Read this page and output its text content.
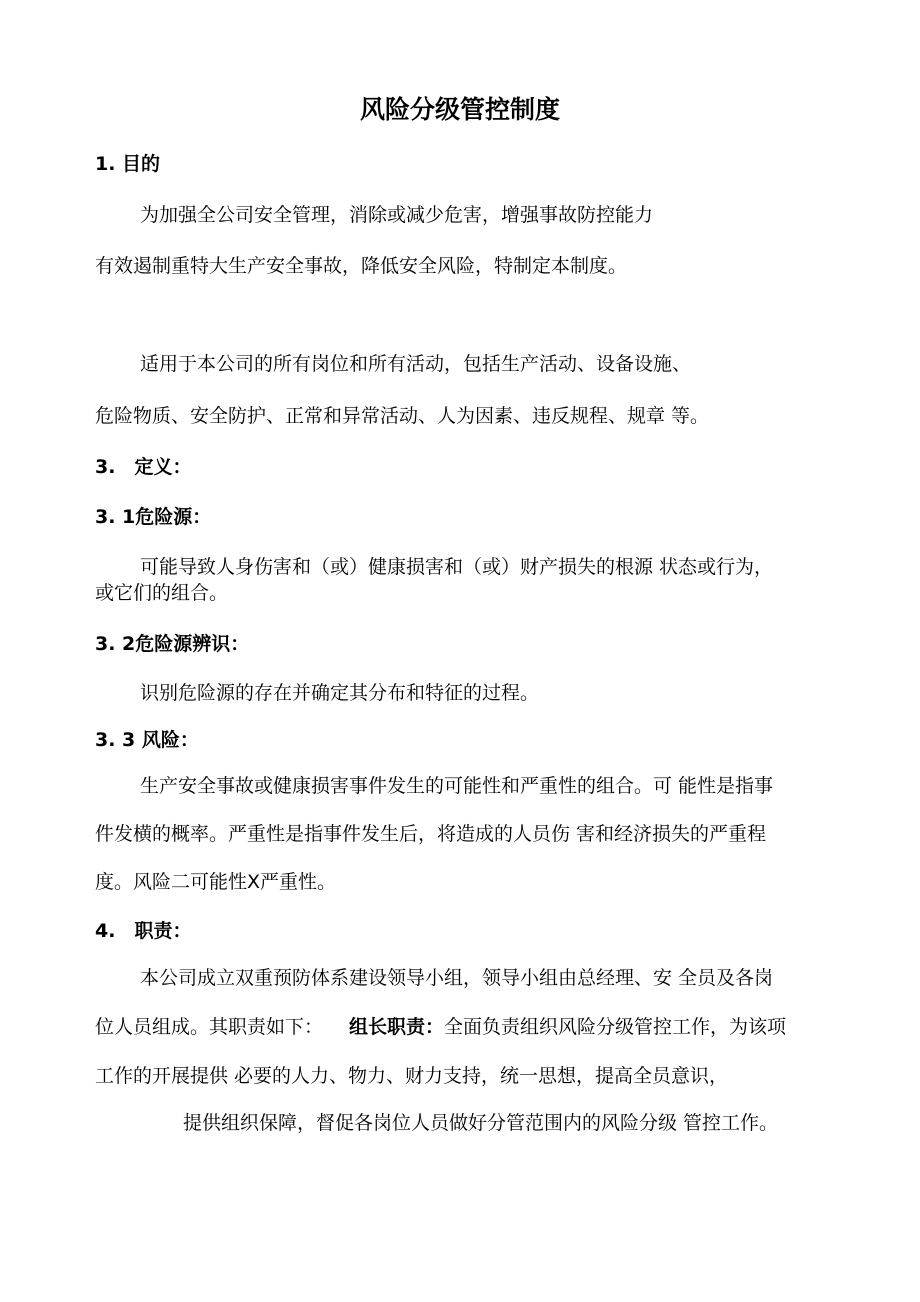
风险分级管控制度
1. 目的
为加强全公司安全管理，消除或减少危害，增强事故防控能力
有效遏制重特大生产安全事故，降低安全风险，特制定本制度。
适用于本公司的所有岗位和所有活动，包括生产活动、设备设施、
危险物质、安全防护、正常和异常活动、人为因素、违反规程、规章 等。
3.　定义：
3. 1危险源：
可能导致人身伤害和（或）健康损害和（或）财产损失的根源 状态或行为，
或它们的组合。
3. 2危险源辨识：
识别危险源的存在并确定其分布和特征的过程。
3. 3 风险：
生产安全事故或健康损害事件发生的可能性和严重性的组合。可 能性是指事
件发横的概率。严重性是指事件发生后，将造成的人员伤 害和经济损失的严重程
度。风险二可能性X严重性。
4.　职责：
本公司成立双重预防体系建设领导小组，领导小组由总经理、安 全员及各岗
位人员组成。其职责如下： 组长职责：全面负责组织风险分级管控工作，为该项
工作的开展提供 必要的人力、物力、财力支持，统一思想，提高全员意识，
提供组织保障，督促各岗位人员做好分管范围内的风险分级 管控工作。
